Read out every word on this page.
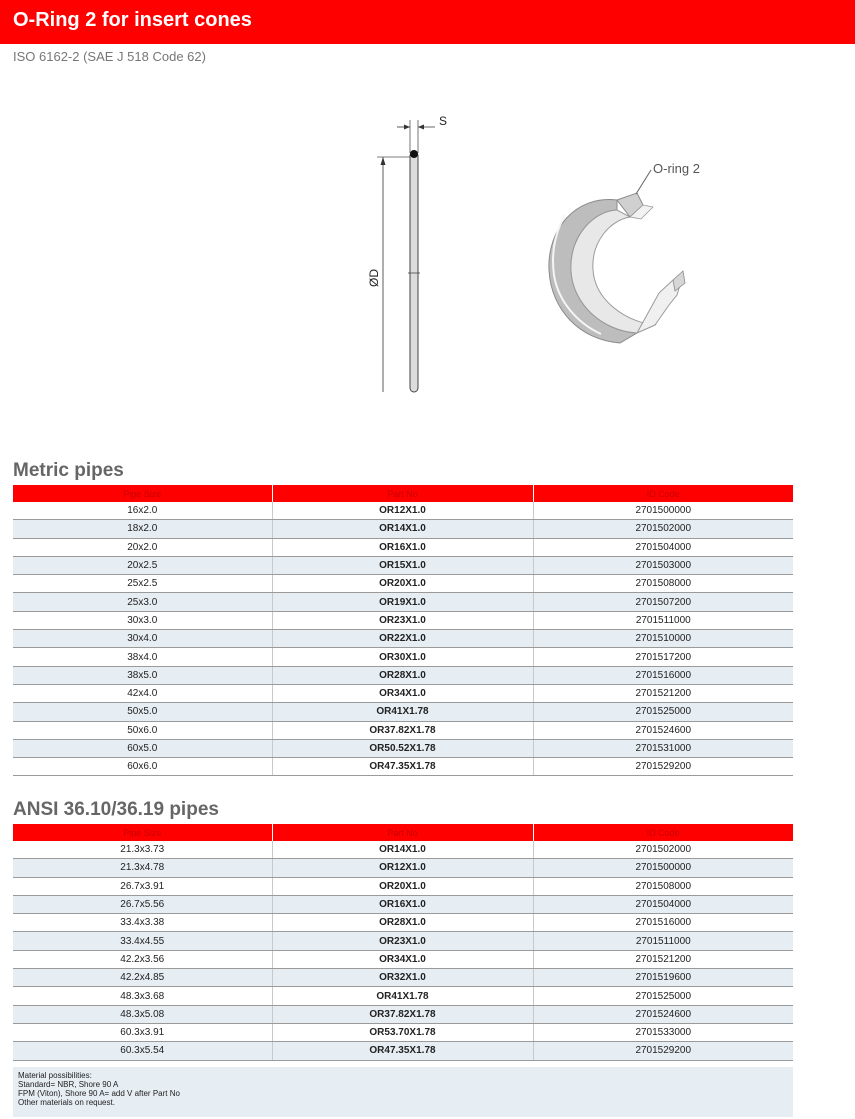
O-Ring 2 for insert cones
ISO 6162-2 (SAE J 518 Code 62)
S
ØD
O-ring 2
Metric pipes
Pipe Size	Part No	ID Code
16x2.0	OR12X1.0	2701500000
18x2.0	OR14X1.0	2701502000
20x2.0	OR16X1.0	2701504000
20x2.5	OR15X1.0	2701503000
25x2.5	OR20X1.0	2701508000
25x3.0	OR19X1.0	2701507200
30x3.0	OR23X1.0	2701511000
30x4.0	OR22X1.0	2701510000
38x4.0	OR30X1.0	2701517200
38x5.0	OR28X1.0	2701516000
42x4.0	OR34X1.0	2701521200
50x5.0	OR41X1.78	2701525000
50x6.0	OR37.82X1.78	2701524600
60x5.0	OR50.52X1.78	2701531000
60x6.0	OR47.35X1.78	2701529200
ANSI 36.10/36.19 pipes
Pipe Size	Part No	ID Code
21.3x3.73	OR14X1.0	2701502000
21.3x4.78	OR12X1.0	2701500000
26.7x3.91	OR20X1.0	2701508000
26.7x5.56	OR16X1.0	2701504000
33.4x3.38	OR28X1.0	2701516000
33.4x4.55	OR23X1.0	2701511000
42.2x3.56	OR34X1.0	2701521200
42.2x4.85	OR32X1.0	2701519600
48.3x3.68	OR41X1.78	2701525000
48.3x5.08	OR37.82X1.78	2701524600
60.3x3.91	OR53.70X1.78	2701533000
60.3x5.54	OR47.35X1.78	2701529200
Material possibilities:
Standard= NBR, Shore 90 A
FPM (Viton), Shore 90 A= add V after Part No
Other materials on request.
